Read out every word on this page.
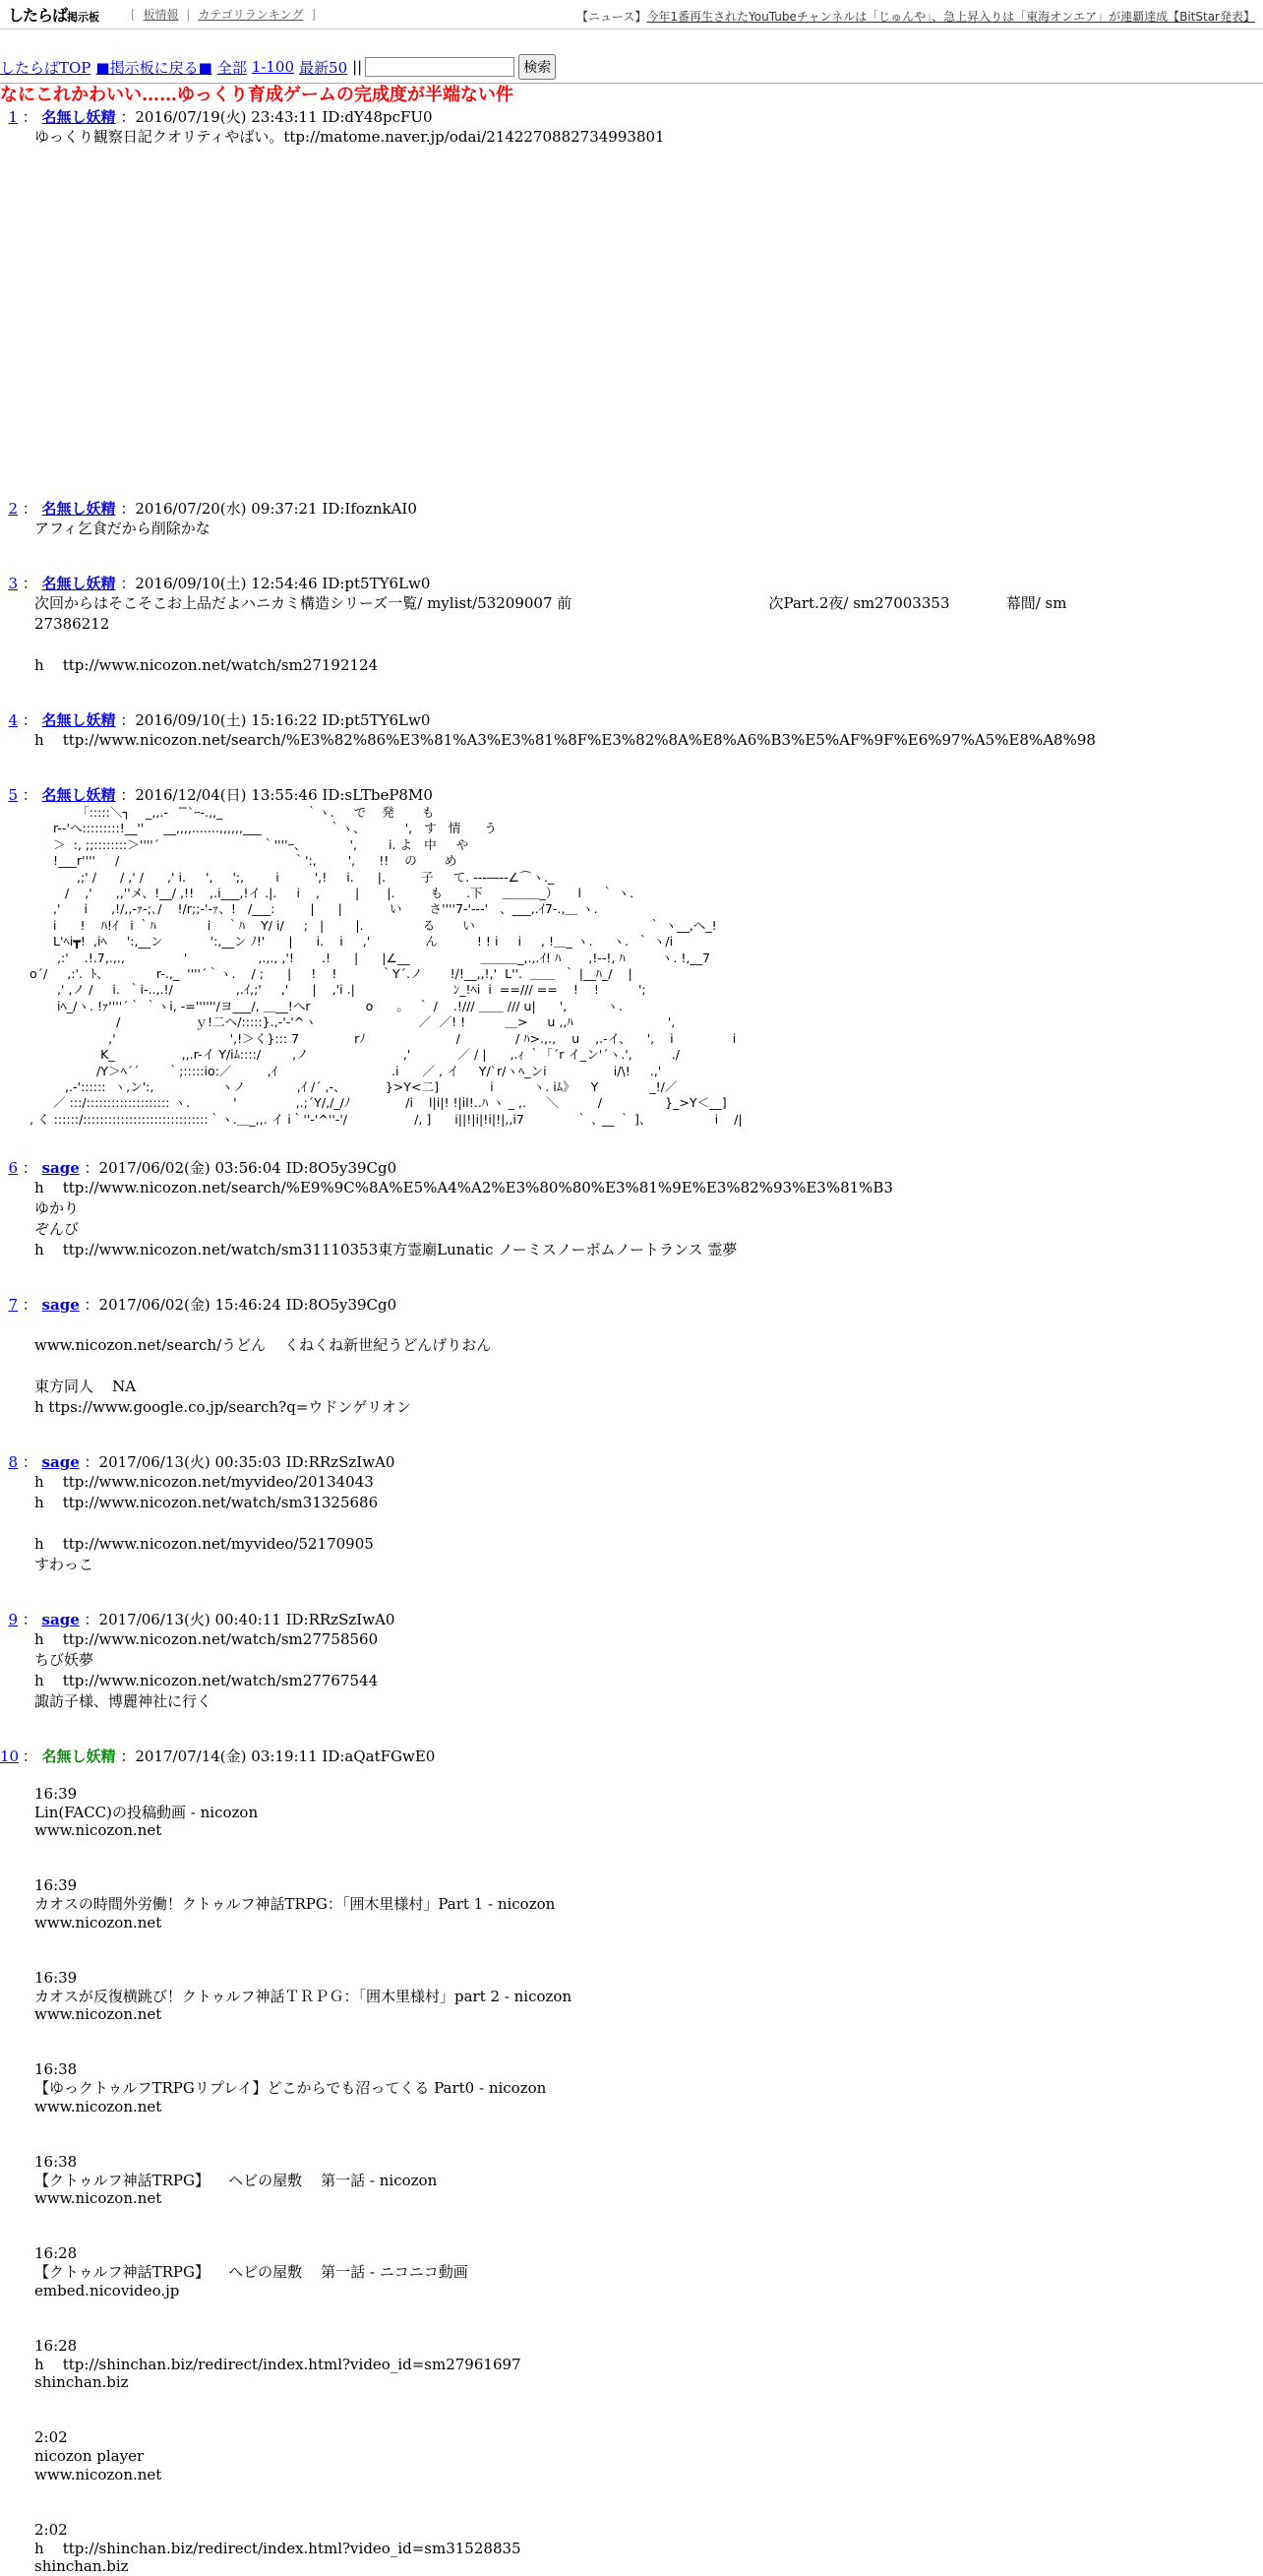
したらば掲示板	[ 板情報 | カテゴリランキング ]	【ニュース】今年1番再生されたYouTubeチャンネルは「じゅんや」、急上昇入りは「東海オンエア」が連覇達成【BitStar発表】
したらばTOP ■掲示板に戻る■ 全部 1-100 最新50 ||	検索
なにこれかわいい……ゆっくり育成ゲームの完成度が半端ない件
1 ： 名無し妖精 ：2016/07/19(火) 23:43:11 ID:dY48pcFU0
ゆっくり観察日記クオリティやばい。ttp://matome.naver.jp/odai/2142270882734993801
2 ： 名無し妖精 ：2016/07/20(水) 09:37:21 ID:IfoznkAI0
アフィ乞食だから削除かな
3 ： 名無し妖精 ：2016/09/10(土) 12:54:46 ID:pt5TY6Lw0
次回からはそこそこお上品だよハニカミ構造シリーズ一覧/ mylist/53209007 前                                          次Part.2夜/ sm27003353            幕間/ sm
27386212

h    ttp://www.nicozon.net/watch/sm27192124
4 ： 名無し妖精 ：2016/09/10(土) 15:16:22 ID:pt5TY6Lw0
h    ttp://www.nicozon.net/search/%E3%82%86%E3%81%A3%E3%81%8F%E3%82%8A%E8%A6%B3%E5%AF%9F%E6%97%A5%E8%A8%98
5 ： 名無し妖精 ：2016/12/04(日) 13:55:46 ID:sLTbeP8M0
「:::::＼┐    _,,.-    ̄ ̄`ｰ-.,,_                     ｀ヽ.     で    発       も
r--'へ:::::::::!__''     __,,,,.......,,,,,,___                 ｀ヽ、          ',   す   情      う
＞  :, ;;::::::::＞''''´                          ｀''''ｰ、           ',        i. よ   中     や
!___r''''     /                                            ｀':,        ',      !!    の       め
,;' /      / ,' /      ,' i.     ',     ';,        i         ',!     i.      |.         子     て. ---―‐-∠⌒ヽ._
/    ,'      ,,''メ、!__/ ,!!    ,.i___,!イ .|.     i    ,         |       |.         も      .下     ＿＿＿_）     l     ｀ ヽ.
,'      i      ,!/,,-ｧ-;､/    !/r;;-'-ｧ、!   /___:         |      |            い       さ''''7-'---'   、___,.ｲ7-.,＿ ヽ.
i      !    ﾊ!ｲ   i ｀ﾊ             i    ｀ﾊ    Y/ i/     ;   |        |.               る       い                                            ｀ ヽ__,へ_!
L'ﾍi┳!  ,iﾍ     ':,__ン            ':,__ン ﾉ!'      |      i.    i     ,'              ん          ! ! i     i     , !＿_ ヽ.     ヽ.  ｀ ヽ/i
,:'    .!.7,.,.,               '                  ,.,., ,'!       .!      |      |∠__                  ＿＿＿_,.,.ｲ! ﾊ       ,!--!, ﾊ         ヽ. !,__7
o´/     ,:'.  ﾄ、            r-.,_  ''''´｀ヽ.    / ;      |     !    !           ｀Y´.ノ       !/!__,,!,'  L''.  ＿＿  ｀ |__ﾊ_/    |
,' ,ノ /     i.  ｀i-..,.!/                ,.ｲ,;'     ,'      |    ,'i .|                         ﾝ_!ﾍi  i  ==/// ==    !    !          ';
iﾍ_/ヽ. !ｧ''''´｀ ｀ヽi, -=''''''/ヨ___/, ＿__!へr              o      。  ｀ /    .!/// ＿＿ /// u|      ',          ヽ.
/                   ｙ!二ヘ/:::::}.,-'-'^ヽ                          ／  ／! !          ＿>     u ,,ﾊ                        ',
,'                             ',!＞く}::: 7              rﾉ                       /              / ﾊ>.,.,    u    ,.-イ、    ',    i               i
K_                 ,,.r-イ Y/iﾑ::::/        ,ノ                        ,'            ／ / |      ,.ｨ ｀「´r イ_ン'´ヽ.',          ./
/Y＞ﾍ´´       ｀;:::::io:／         ,ｲ                             .i      ／ , イ     Y/`r/ヽﾍ_ンi                 i/\!     .,'
,.-'::::::  ヽ,ン':,                 ヽノ             ,ｲ /´ ,-、          }>Y<二]             i          ヽ. iﾑ》    Y             _!/／
／ :::/:::::::::::::::::::: ヽ.           '               ,.;´Y/,/_/ﾉ              /i    l|i|! !|il!..ﾊ ヽ _ ,.     ＼          /                }_>Y＜__]
, く ::::::/::::::::::::::::::::::::::::::｀ヽ.＿_,,. イ i｀''-'^''-'/                 /, ]      i||!|i|!i|!|,,i7             ｀ ､ __ ｀ ]、                i    /|
6 ： sage ：2017/06/02(金) 03:56:04 ID:8O5y39Cg0
h    ttp://www.nicozon.net/search/%E9%9C%8A%E5%A4%A2%E3%80%80%E3%81%9E%E3%82%93%E3%81%B3
ゆかり
ぞんび
h    ttp://www.nicozon.net/watch/sm31110353東方霊廟Lunatic ノーミスノーボムノートランス 霊夢
7 ： sage ：2017/06/02(金) 15:46:24 ID:8O5y39Cg0

www.nicozon.net/search/うどん    くねくね新世紀うどんげりおん

東方同人    NA
h ttps://www.google.co.jp/search?q=ウドンゲリオン
8 ： sage ：2017/06/13(火) 00:35:03 ID:RRzSzIwA0
h    ttp://www.nicozon.net/myvideo/20134043
h    ttp://www.nicozon.net/watch/sm31325686

h    ttp://www.nicozon.net/myvideo/52170905
すわっこ
9 ： sage ：2017/06/13(火) 00:40:11 ID:RRzSzIwA0
h    ttp://www.nicozon.net/watch/sm27758560
ちび妖夢
h    ttp://www.nicozon.net/watch/sm27767544
諏訪子様、博麗神社に行く
10 ： 名無し妖精 ：2017/07/14(金) 03:19:11 ID:aQatFGwE0

16:39
Lin(FACC)の投稿動画 - nicozon
www.nicozon.net

16:39
カオスの時間外労働！クトゥルフ神話TRPG：「囲木里様村」Part 1 - nicozon
www.nicozon.net

16:39
カオスが反復横跳び！クトゥルフ神話ＴＲＰＧ：「囲木里様村」part 2 - nicozon
www.nicozon.net

16:38
【ゆっクトゥルフTRPGリプレイ】どこからでも沼ってくる Part0 - nicozon
www.nicozon.net

16:38
【クトゥルフ神話TRPG】    ヘビの屋敷    第一話 - nicozon
www.nicozon.net

16:28
【クトゥルフ神話TRPG】    ヘビの屋敷    第一話 - ニコニコ動画
embed.nicovideo.jp

16:28
h    ttp://shinchan.biz/redirect/index.html?video_id=sm27961697
shinchan.biz

2:02
nicozon player
www.nicozon.net

2:02
h    ttp://shinchan.biz/redirect/index.html?video_id=sm31528835
shinchan.biz
